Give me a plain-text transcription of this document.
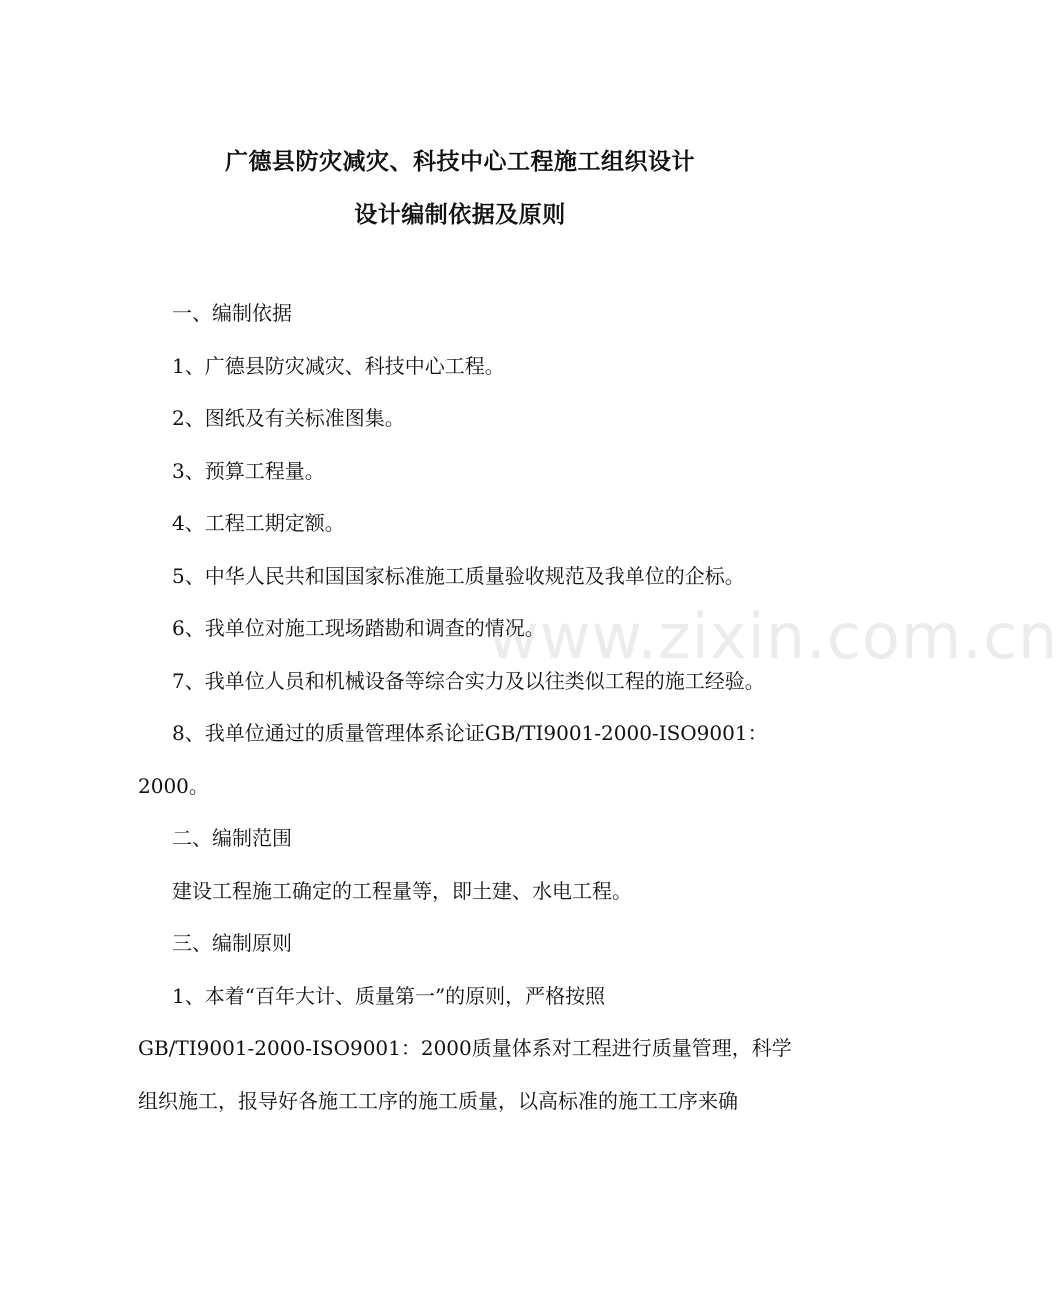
广德县防灾减灾、科技中心工程施工组织设计
设计编制依据及原则
一、编制依据
1、广德县防灾减灾、科技中心工程。
2、图纸及有关标准图集。
3、预算工程量。
4、工程工期定额。
5、中华人民共和国国家标准施工质量验收规范及我单位的企标。
6、我单位对施工现场踏勘和调查的情况。
7、我单位人员和机械设备等综合实力及以往类似工程的施工经验。
8、我单位通过的质量管理体系论证GB/TI9001-2000-ISO9001：
2000。
二、编制范围
建设工程施工确定的工程量等，即土建、水电工程。
三、编制原则
1、本着“百年大计、质量第一”的原则，严格按照
GB/TI9001-2000-ISO9001：2000质量体系对工程进行质量管理，科学
组织施工，报导好各施工工序的施工质量，以高标准的施工工序来确
www.zixin.com.cn
